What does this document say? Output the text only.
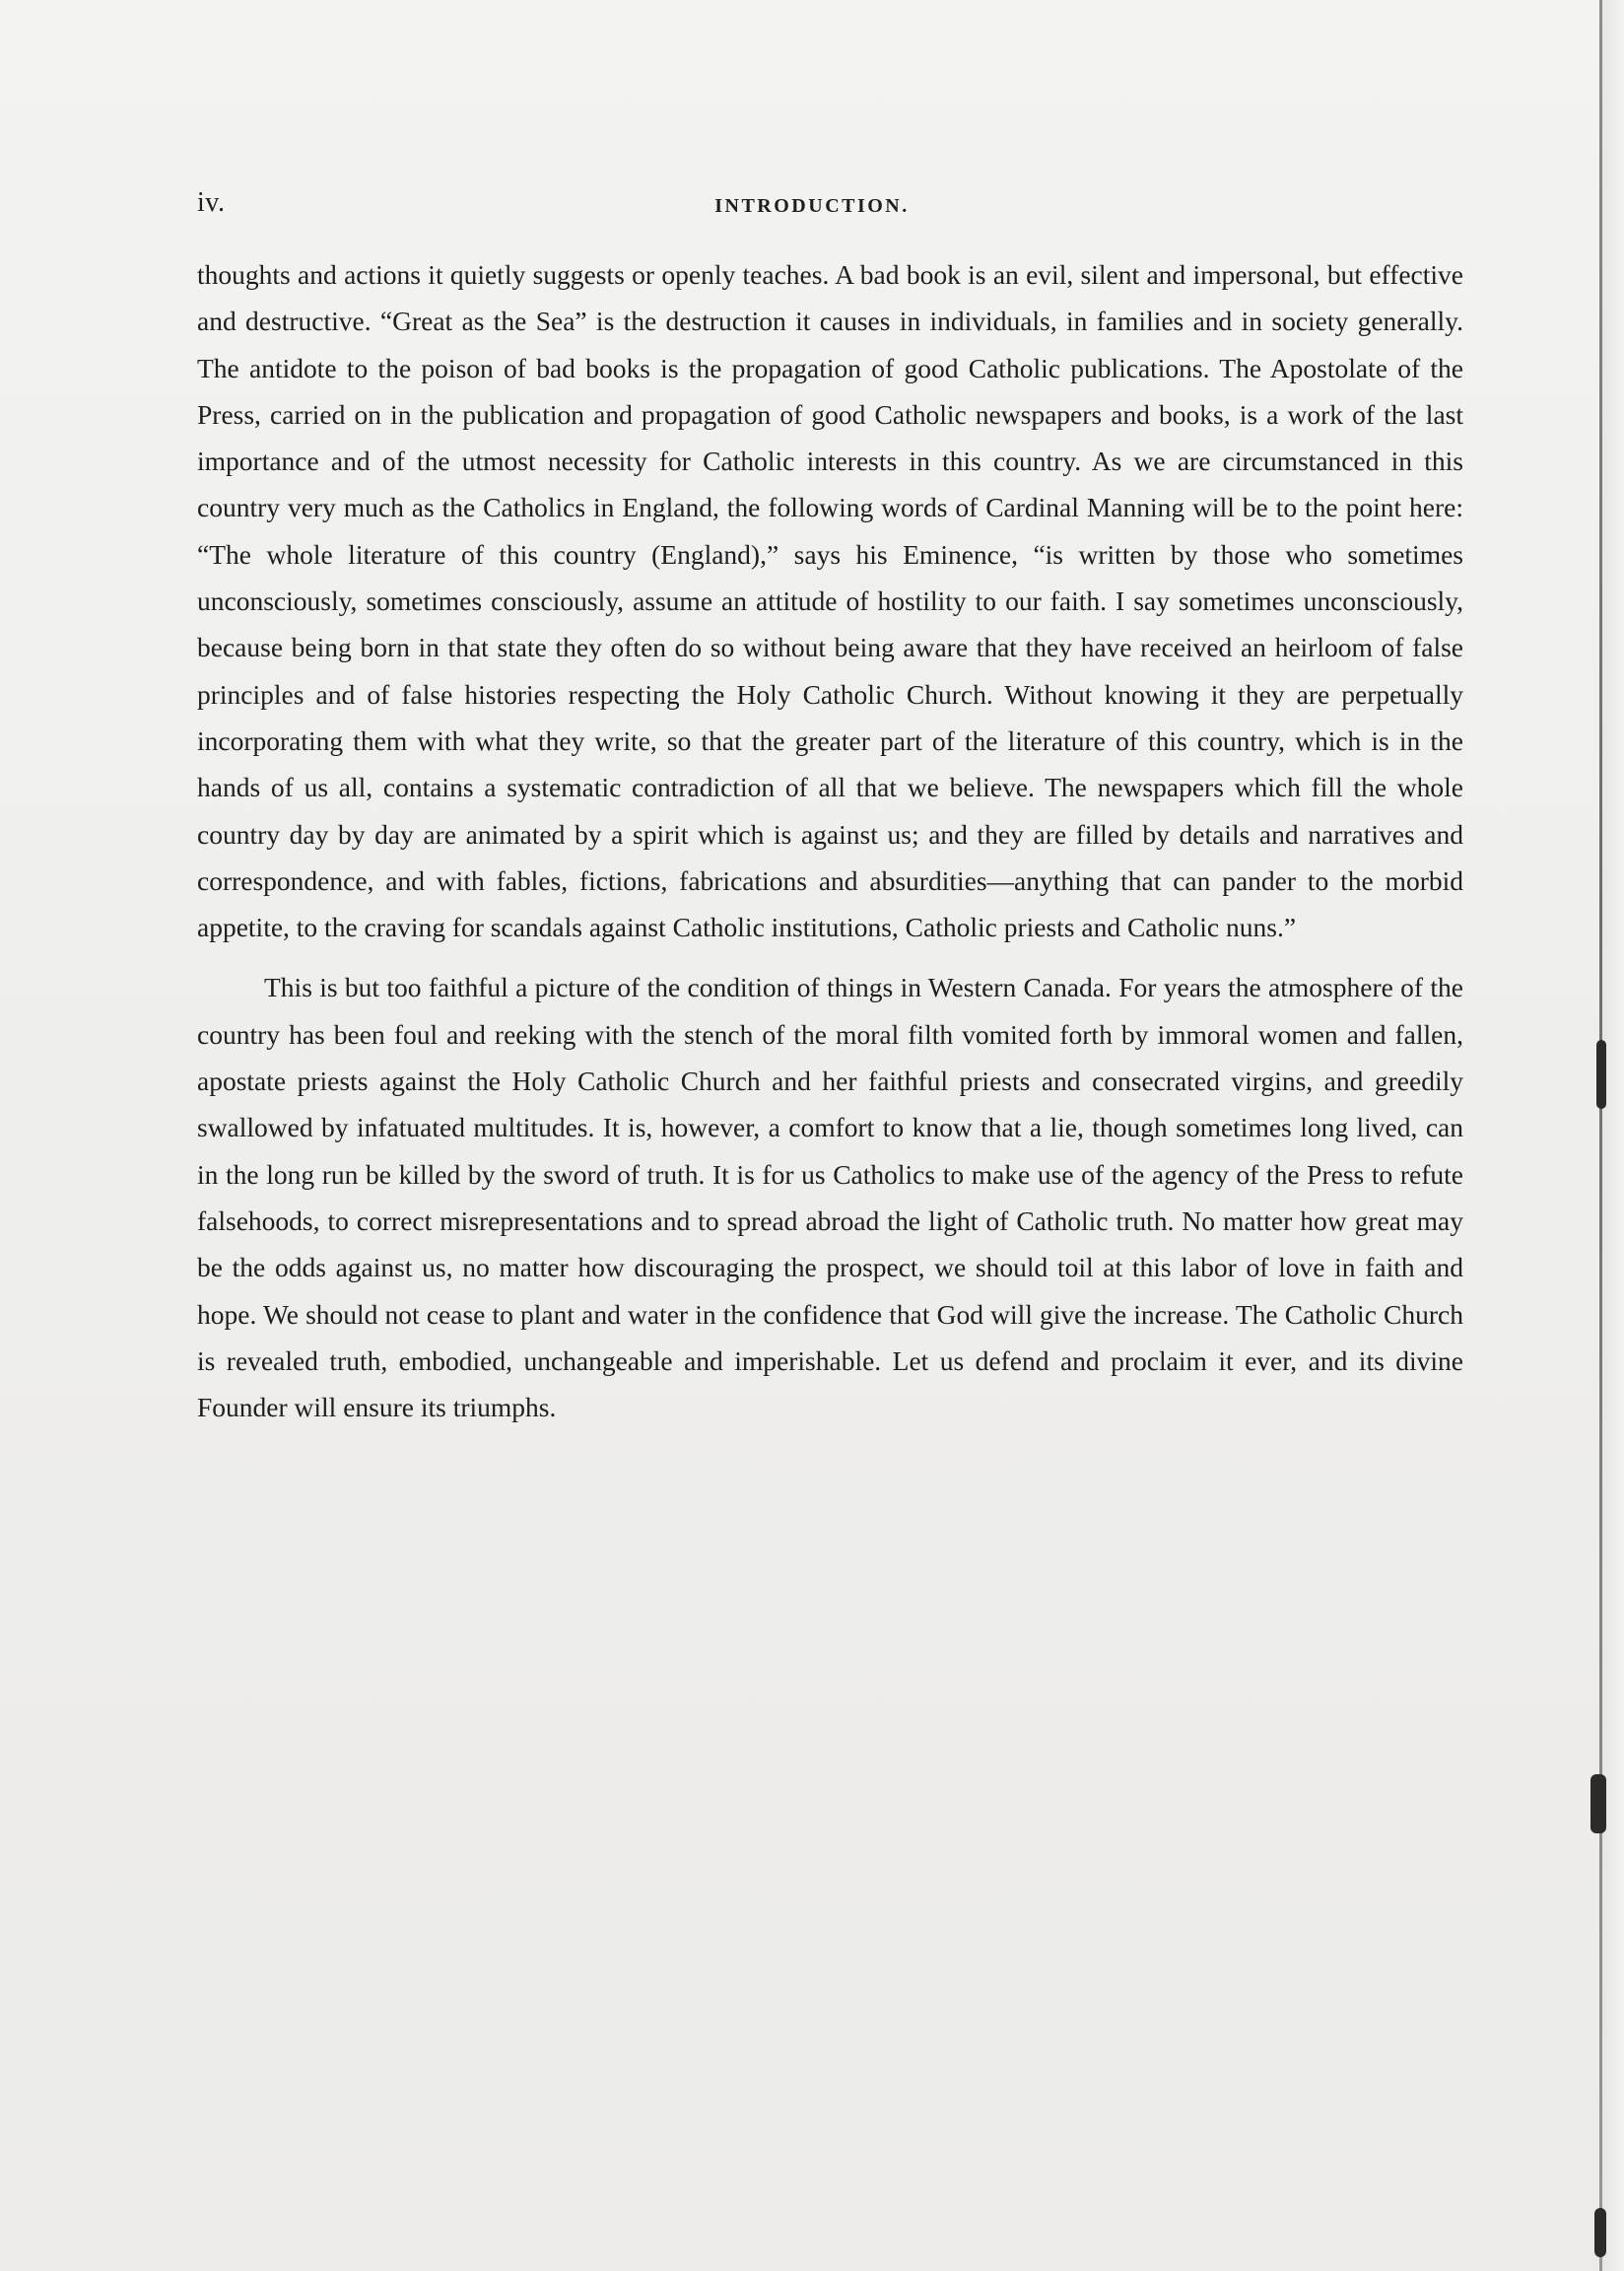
iv.	INTRODUCTION.

thoughts and actions it quietly suggests or openly teaches. A bad book is an evil, silent and impersonal, but effective and destructive. “Great as the Sea” is the destruction it causes in individuals, in families and in society generally. The antidote to the poison of bad books is the propagation of good Catholic publications. The Apostolate of the Press, carried on in the publication and propagation of good Catholic newspapers and books, is a work of the last importance and of the utmost necessity for Catholic interests in this country. As we are circumstanced in this country very much as the Catholics in England, the following words of Cardinal Manning will be to the point here: “The whole literature of this country (England),” says his Eminence, “is written by those who sometimes unconsciously, sometimes consciously, assume an attitude of hostility to our faith. I say sometimes unconsciously, because being born in that state they often do so without being aware that they have received an heirloom of false principles and of false histories respecting the Holy Catholic Church. Without knowing it they are perpetually incorporating them with what they write, so that the greater part of the literature of this country, which is in the hands of us all, contains a systematic contradiction of all that we believe. The newspapers which fill the whole country day by day are animated by a spirit which is against us; and they are filled by details and narratives and correspondence, and with fables, fictions, fabrications and absurdities—anything that can pander to the morbid appetite, to the craving for scandals against Catholic institutions, Catholic priests and Catholic nuns.”

This is but too faithful a picture of the condition of things in Western Canada. For years the atmosphere of the country has been foul and reeking with the stench of the moral filth vomited forth by immoral women and fallen, apostate priests against the Holy Catholic Church and her faithful priests and consecrated virgins, and greedily swallowed by infatuated multitudes. It is, however, a comfort to know that a lie, though sometimes long lived, can in the long run be killed by the sword of truth. It is for us Catholics to make use of the agency of the Press to refute falsehoods, to correct misrepresentations and to spread abroad the light of Catholic truth. No matter how great may be the odds against us, no matter how discouraging the prospect, we should toil at this labor of love in faith and hope. We should not cease to plant and water in the confidence that God will give the increase. The Catholic Church is revealed truth, embodied, unchangeable and imperishable. Let us defend and proclaim it ever, and its divine Founder will ensure its triumphs.
